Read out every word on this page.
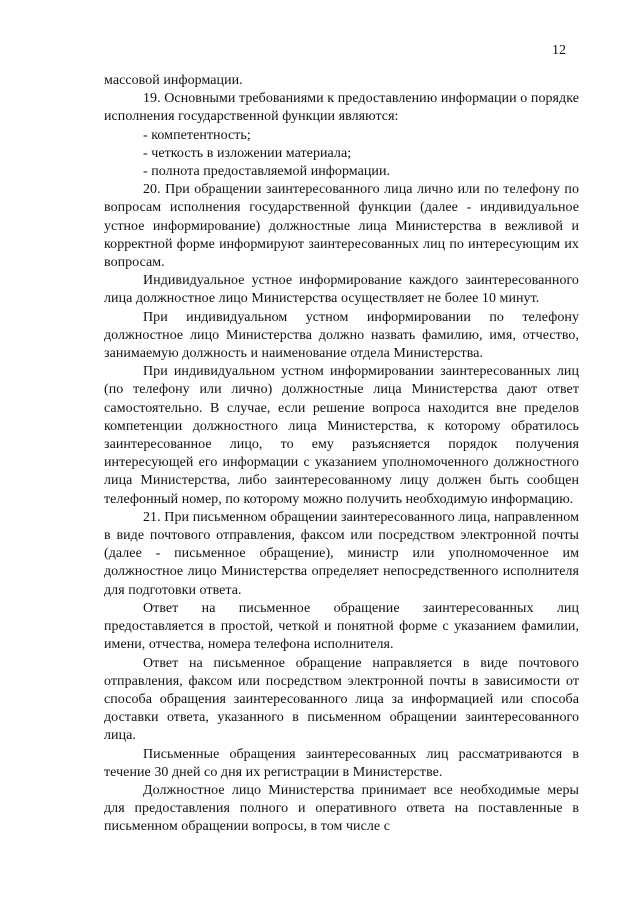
12

массовой информации.

19. Основными требованиями к предоставлению информации о порядке исполнения государственной функции являются:

- компетентность;

- четкость в изложении материала;

- полнота предоставляемой информации.

20. При обращении заинтересованного лица лично или по телефону по вопросам исполнения государственной функции (далее - индивидуальное устное информирование) должностные лица Министерства в вежливой и корректной форме информируют заинтересованных лиц по интересующим их вопросам.

Индивидуальное устное информирование каждого заинтересованного лица должностное лицо Министерства осуществляет не более 10 минут.

При индивидуальном устном информировании по телефону должностное лицо Министерства должно назвать фамилию, имя, отчество, занимаемую должность и наименование отдела Министерства.

При индивидуальном устном информировании заинтересованных лиц (по телефону или лично) должностные лица Министерства дают ответ самостоятельно. В случае, если решение вопроса находится вне пределов компетенции должностного лица Министерства, к которому обратилось заинтересованное лицо, то ему разъясняется порядок получения интересующей его информации с указанием уполномоченного должностного лица Министерства, либо заинтересованному лицу должен быть сообщен телефонный номер, по которому можно получить необходимую информацию.

21. При письменном обращении заинтересованного лица, направленном в виде почтового отправления, факсом или посредством электронной почты (далее - письменное обращение), министр или уполномоченное им должностное лицо Министерства определяет непосредственного исполнителя для подготовки ответа.

Ответ на письменное обращение заинтересованных лиц предоставляется в простой, четкой и понятной форме с указанием фамилии, имени, отчества, номера телефона исполнителя.

Ответ на письменное обращение направляется в виде почтового отправления, факсом или посредством электронной почты в зависимости от способа обращения заинтересованного лица за информацией или способа доставки ответа, указанного в письменном обращении заинтересованного лица.

Письменные обращения заинтересованных лиц рассматриваются в течение 30 дней со дня их регистрации в Министерстве.

Должностное лицо Министерства принимает все необходимые меры для предоставления полного и оперативного ответа на поставленные в письменном обращении вопросы, в том числе с
